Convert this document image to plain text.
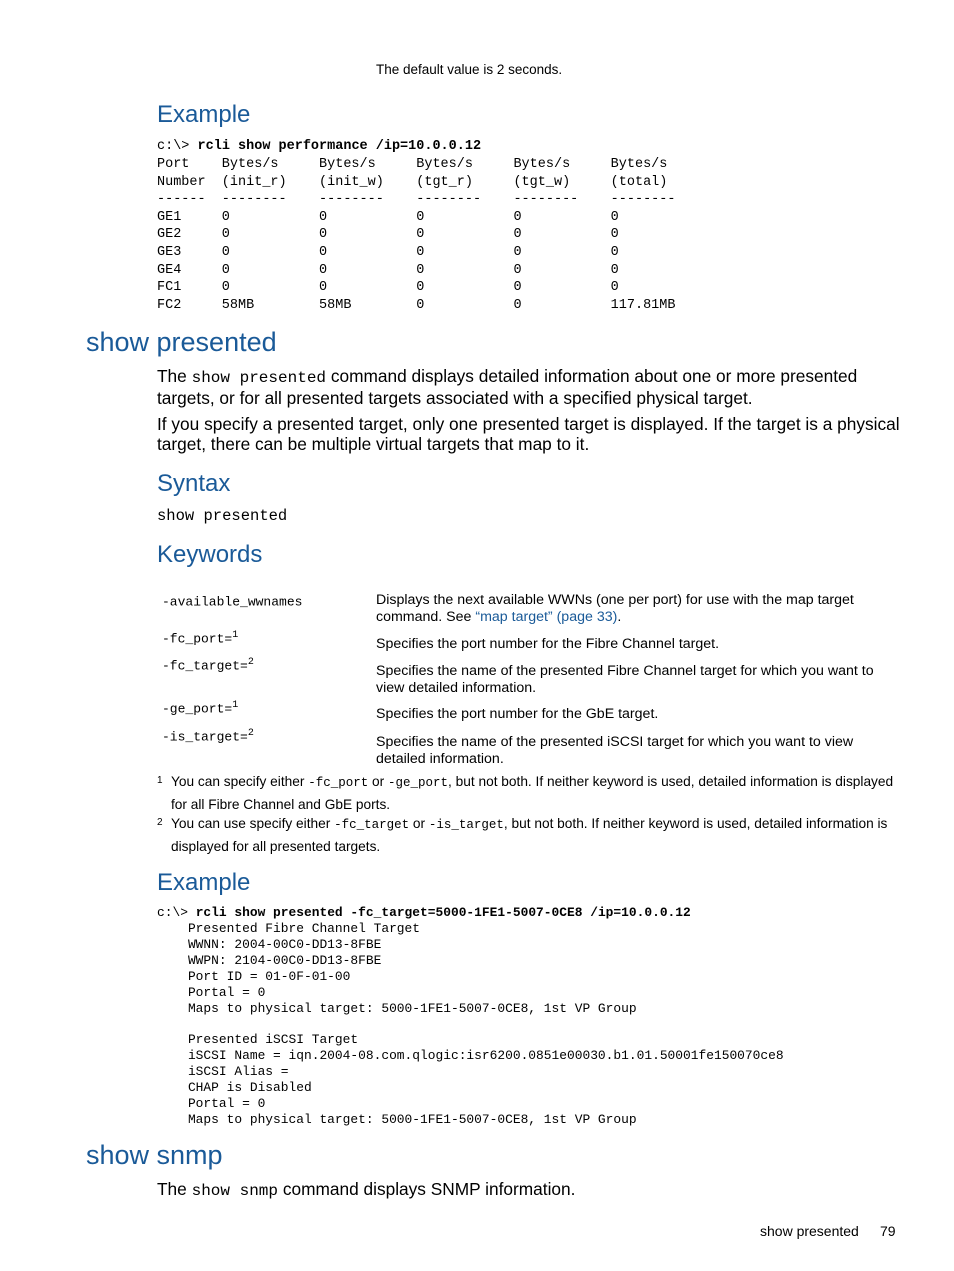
The default value is 2 seconds.
Example
c:\> rcli show performance /ip=10.0.0.12
Port    Bytes/s     Bytes/s     Bytes/s     Bytes/s     Bytes/s
Number  (init_r)    (init_w)    (tgt_r)     (tgt_w)     (total)
------  --------    --------    --------    --------    --------
GE1     0           0           0           0           0
GE2     0           0           0           0           0
GE3     0           0           0           0           0
GE4     0           0           0           0           0
FC1     0           0           0           0           0
FC2     58MB        58MB        0           0           117.81MB
show presented
The show presented command displays detailed information about one or more presented targets, or for all presented targets associated with a specified physical target.
If you specify a presented target, only one presented target is displayed. If the target is a physical target, there can be multiple virtual targets that map to it.
Syntax
show presented
Keywords
-available_wwnames	Displays the next available WWNs (one per port) for use with the map target command. See “map target” (page 33).
-fc_port=$^1$
Specifies the port number for the Fibre Channel target.
-fc_target=$^2$
Specifies the name of the presented Fibre Channel target for which you want to view detailed information.
-ge_port=$^1$
Specifies the port number for the GbE target.
-is_target=$^2$
Specifies the name of the presented iSCSI target for which you want to view detailed information.
1 You can specify either -fc_port or -ge_port, but not both. If neither keyword is used, detailed information is displayed for all Fibre Channel and GbE ports.
2 You can use specify either -fc_target or -is_target, but not both. If neither keyword is used, detailed information is displayed for all presented targets.
Example
c:\> rcli show presented -fc_target=5000-1FE1-5007-0CE8 /ip=10.0.0.12
Presented Fibre Channel Target
WWNN: 2004-00C0-DD13-8FBE
WWPN: 2104-00C0-DD13-8FBE
Port ID = 01-0F-01-00
Portal = 0
Maps to physical target: 5000-1FE1-5007-0CE8, 1st VP Group

Presented iSCSI Target
iSCSI Name = iqn.2004-08.com.qlogic:isr6200.0851e00030.b1.01.50001fe150070ce8
iSCSI Alias =
CHAP is Disabled
Portal = 0
Maps to physical target: 5000-1FE1-5007-0CE8, 1st VP Group
show snmp
The show snmp command displays SNMP information.
show presented 79
